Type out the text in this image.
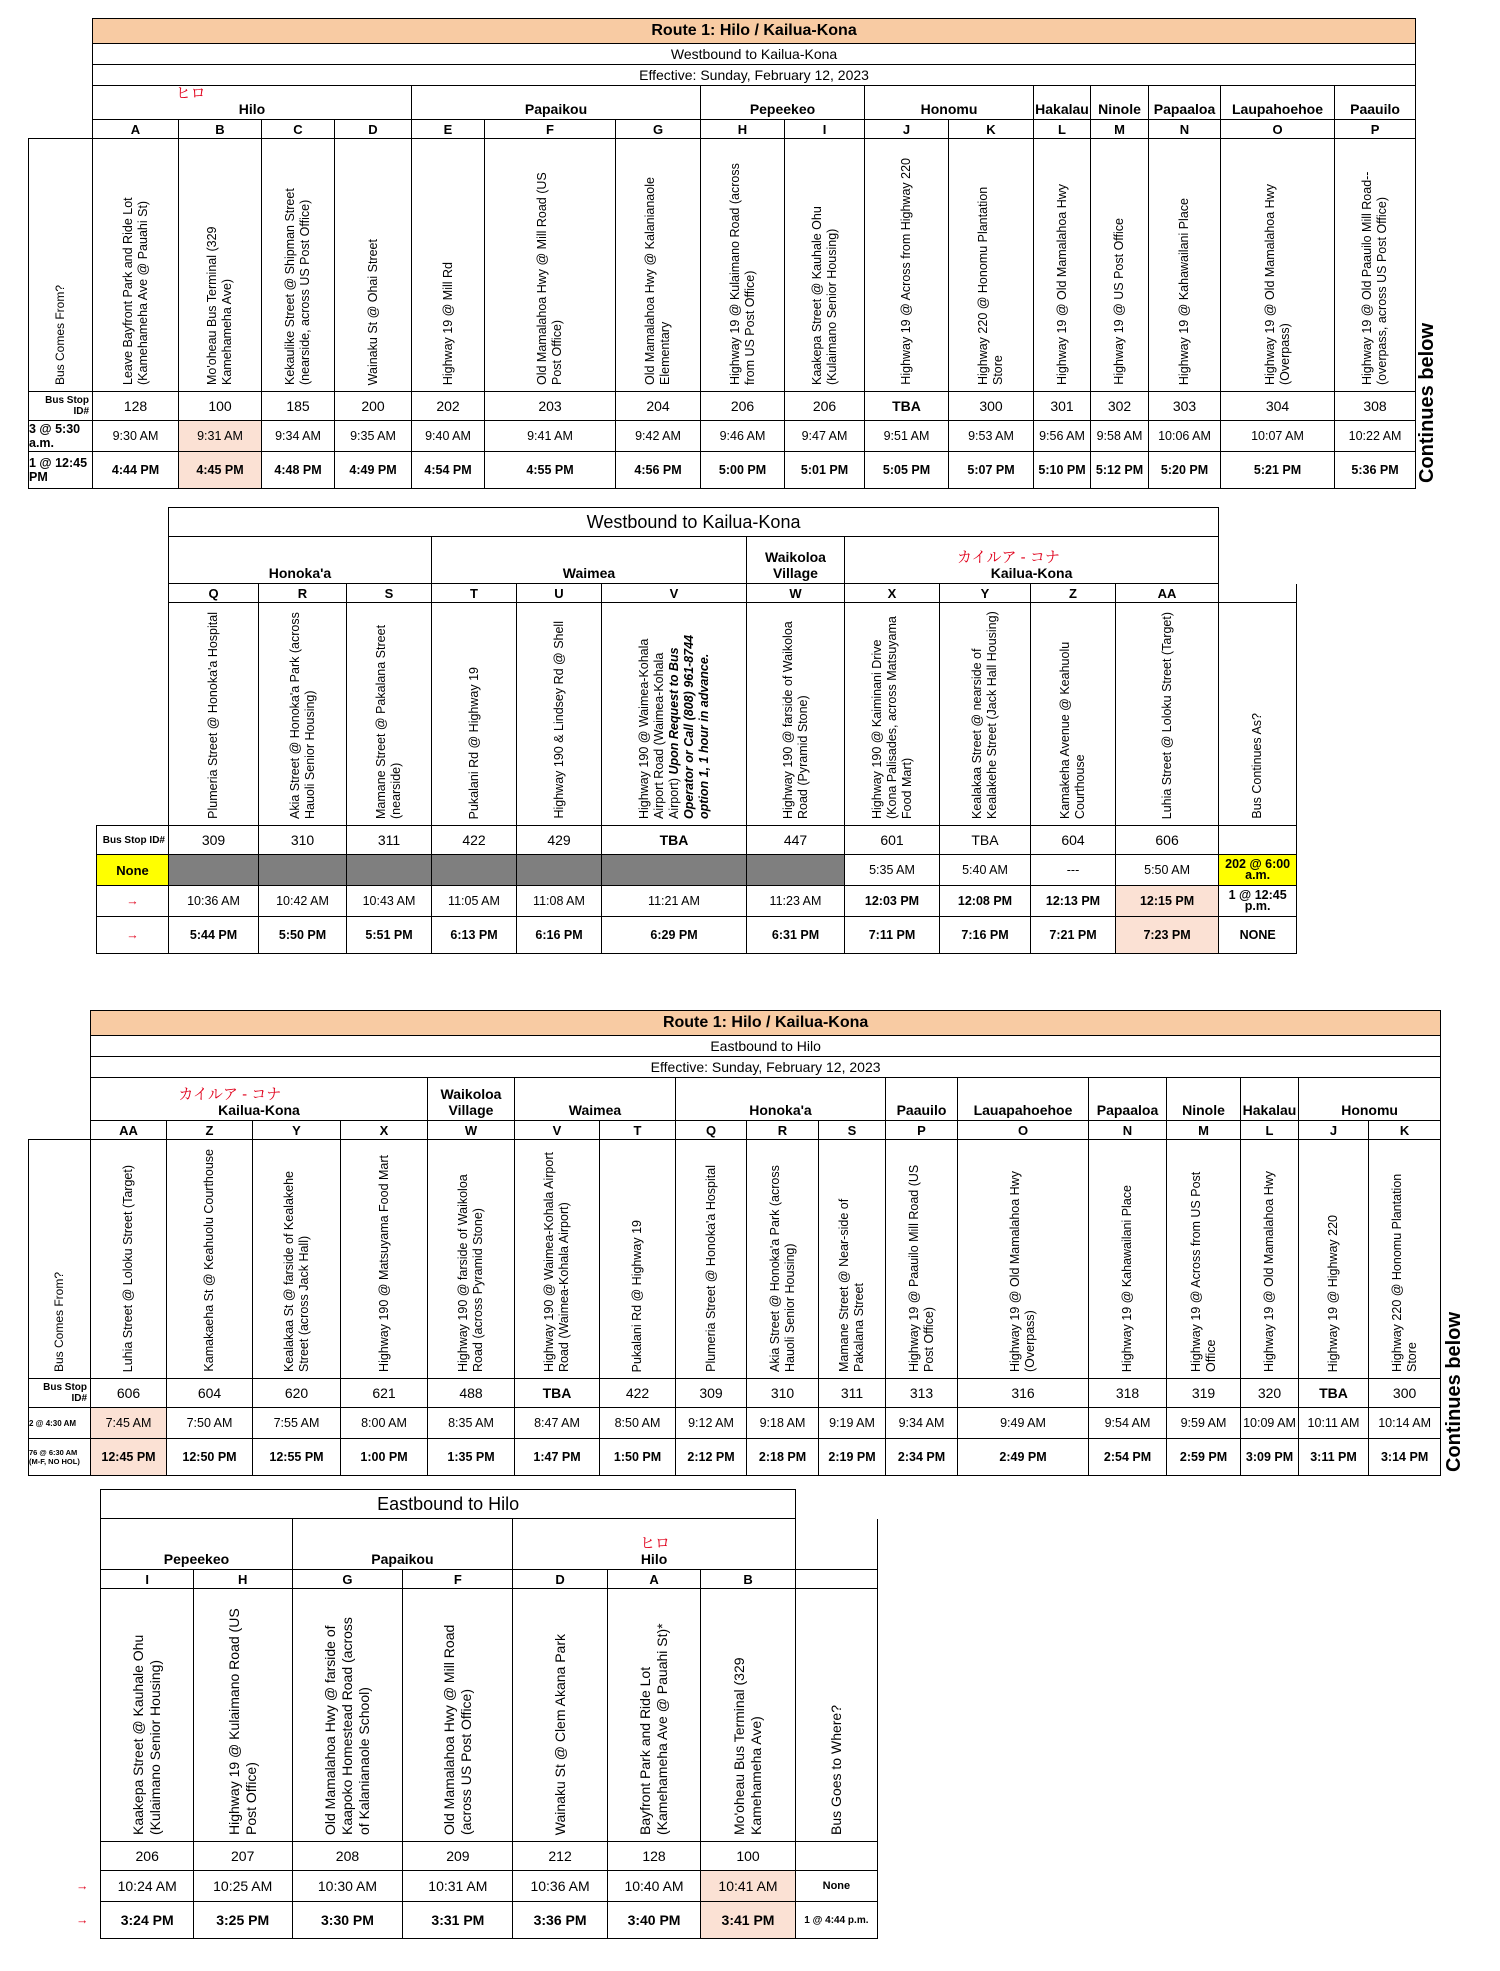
	Route 1: Hilo / Kailua-Kona																
	Westbound to Kailua-Kona																
	Effective: Sunday, February 12, 2023																

	ヒロ
Hilo				Papaikou			Pepeekeo		Honomu		Hakalau	Ninole	Papaaloa	Laupahoehoe	Paauilo	
	A	B	C	D	E	F	G	H	I	J	K	L	M	N	O	P	

Bus Comes From?	Leave Bayfront Park and Ride Lot (Kamehameha Ave @ Pauahi St)	Mo'oheau Bus Terminal (329 Kamehameha Ave)	Kekaulike Street @ Shipman Street (nearside, across US Post Office)	Wainaku St @ Ohai Street	Highway 19 @ Mill Rd	Old Mamalahoa Hwy @ Mill Road (US Post Office)	Old Mamalahoa Hwy @ Kalanianaole Elementary	Highway 19 @ Kulaimano Road (across from US Post Office)	Kaakepa Street @ Kauhale Ohu (Kulaimano Senior Housing)	Highway 19 @ Across from Highway 220	Highway 220 @ Honomu Plantation Store	Highway 19 @ Old Mamalahoa Hwy	Highway 19 @ US Post Office	Highway 19 @ Kahawailani Place	Highway 19 @ Old Mamalahoa Hwy (Overpass)	Highway 19 @ Old Paauilo Mill Road--(overpass, across US Post Office)	Continues below

Bus Stop ID#	128	100	185	200	202	203	204	206	206	TBA	300	301	302	303	304	308	
3 @ 5:30 a.m.	9:30 AM	9:31 AM	9:34 AM	9:35 AM	9:40 AM	9:41 AM	9:42 AM	9:46 AM	9:47 AM	9:51 AM	9:53 AM	9:56 AM	9:58 AM	10:06 AM	10:07 AM	10:22 AM	
1 @ 12:45 PM	4:44 PM	4:45 PM	4:48 PM	4:49 PM	4:54 PM	4:55 PM	4:56 PM	5:00 PM	5:01 PM	5:05 PM	5:07 PM	5:10 PM	5:12 PM	5:20 PM	5:21 PM	5:36 PM	
	Westbound to Kailua-Kona											
	Honoka'a			Waimea			Waikoloa Village	カイルア - コナ
Kailua-Kona				
	Q	R	S	T	U	V	W	X	Y	Z	AA	

	Plumeria Street @ Honoka'a Hospital	Akia Street @ Honoka'a Park (across Hauoli Senior Housing)	Mamane Street @ Pakalana Street (nearside)	Pukalani Rd @ Highway 19	Highway 190 & Lindsey Rd @ Shell	Highway 190 @ Waimea-Kohala Airport Road (Waimea-Kohala Airport) Upon Request to Bus Operator or Call (808) 961-8744 option 1, 1 hour in advance.	Highway 190 @ farside of Waikoloa Road (Pyramid Stone)	Highway 190 @ Kaiminani Drive (Kona Palisades, across Matsuyama Food Mart)	Kealakaa Street @ nearside of Kealakehe Street (Jack Hall Housing)	Kamakeha Avenue @ Keahuolu Courthouse	Luhia Street @ Loloku Street (Target)	Bus Continues As?

Bus Stop ID#	309	310	311	422	429	TBA	447	601	TBA	604	606	
None								5:35 AM	5:40 AM	---	5:50 AM	202 @ 6:00 a.m.
→	10:36 AM	10:42 AM	10:43 AM	11:05 AM	11:08 AM	11:21 AM	11:23 AM	12:03 PM	12:08 PM	12:13 PM	12:15 PM	1 @ 12:45 p.m.
→	5:44 PM	5:50 PM	5:51 PM	6:13 PM	6:16 PM	6:29 PM	6:31 PM	7:11 PM	7:16 PM	7:21 PM	7:23 PM	NONE
	Route 1: Hilo / Kailua-Kona																	
	Eastbound to Hilo																	
	Effective: Sunday, February 12, 2023																	

	カイルア - コナ
Kailua-Kona				Waikoloa Village	Waimea		Honoka'a			Paauilo	Lauapahoehoe	Papaaloa	Ninole	Hakalau	Honomu		
	AA	Z	Y	X	W	V	T	Q	R	S	P	O	N	M	L	J	K	

Bus Comes From?	Luhia Street @ Loloku Street (Target)	Kamakaeha St @ Keahuolu Courthouse	Kealakaa St @ farside of Kealakehe Street (across Jack Hall)	Highway 190 @ Matsuyama Food Mart	Highway 190 @ farside of Waikoloa Road (across Pyramid Stone)	Highway 190 @ Waimea-Kohala Airport Road (Waimea-Kohala Airport)	Pukalani Rd @ Highway 19	Plumeria Street @ Honoka'a Hospital	Akia Street @ Honoka'a Park (across Hauoli Senior Housing)	Mamane Street @ Near-side of Pakalana Street	Highway 19 @ Paauilo Mill Road (US Post Office)	Highway 19 @ Old Mamalahoa Hwy (Overpass)	Highway 19 @ Kahawailani Place	Highway 19 @ Across from US Post Office	Highway 19 @ Old Mamalahoa Hwy	Highway 19 @ Highway 220	Highway 220 @ Honomu Plantation Store	Continues below

Bus Stop ID#	606	604	620	621	488	TBA	422	309	310	311	313	316	318	319	320	TBA	300	
2 @ 4:30 AM	7:45 AM	7:50 AM	7:55 AM	8:00 AM	8:35 AM	8:47 AM	8:50 AM	9:12 AM	9:18 AM	9:19 AM	9:34 AM	9:49 AM	9:54 AM	9:59 AM	10:09 AM	10:11 AM	10:14 AM	
76 @ 6:30 AM (M-F, NO HOL)	12:45 PM	12:50 PM	12:55 PM	1:00 PM	1:35 PM	1:47 PM	1:50 PM	2:12 PM	2:18 PM	2:19 PM	2:34 PM	2:49 PM	2:54 PM	2:59 PM	3:09 PM	3:11 PM	3:14 PM	
	Eastbound to Hilo							
	Pepeekeo		Papaikou		ヒロ
Hilo			
	I	H	G	F	D	A	B	

	Kaakepa Street @ Kauhale Ohu (Kulaimano Senior Housing)	Highway 19 @ Kulaimano Road (US Post Office)	Old Mamalahoa Hwy @ farside of Kaapoko Homestead Road (across of Kalanianaole School)	Old Mamalahoa Hwy @ Mill Road (across US Post Office)	Wainaku St @ Clem Akana Park	Bayfront Park and Ride Lot (Kamehameha Ave @ Pauahi St)*	Mo'oheau Bus Terminal (329 Kamehameha Ave)	Bus Goes to Where?

	206	207	208	209	212	128	100	
→	10:24 AM	10:25 AM	10:30 AM	10:31 AM	10:36 AM	10:40 AM	10:41 AM	None
→	3:24 PM	3:25 PM	3:30 PM	3:31 PM	3:36 PM	3:40 PM	3:41 PM	1 @ 4:44 p.m.
